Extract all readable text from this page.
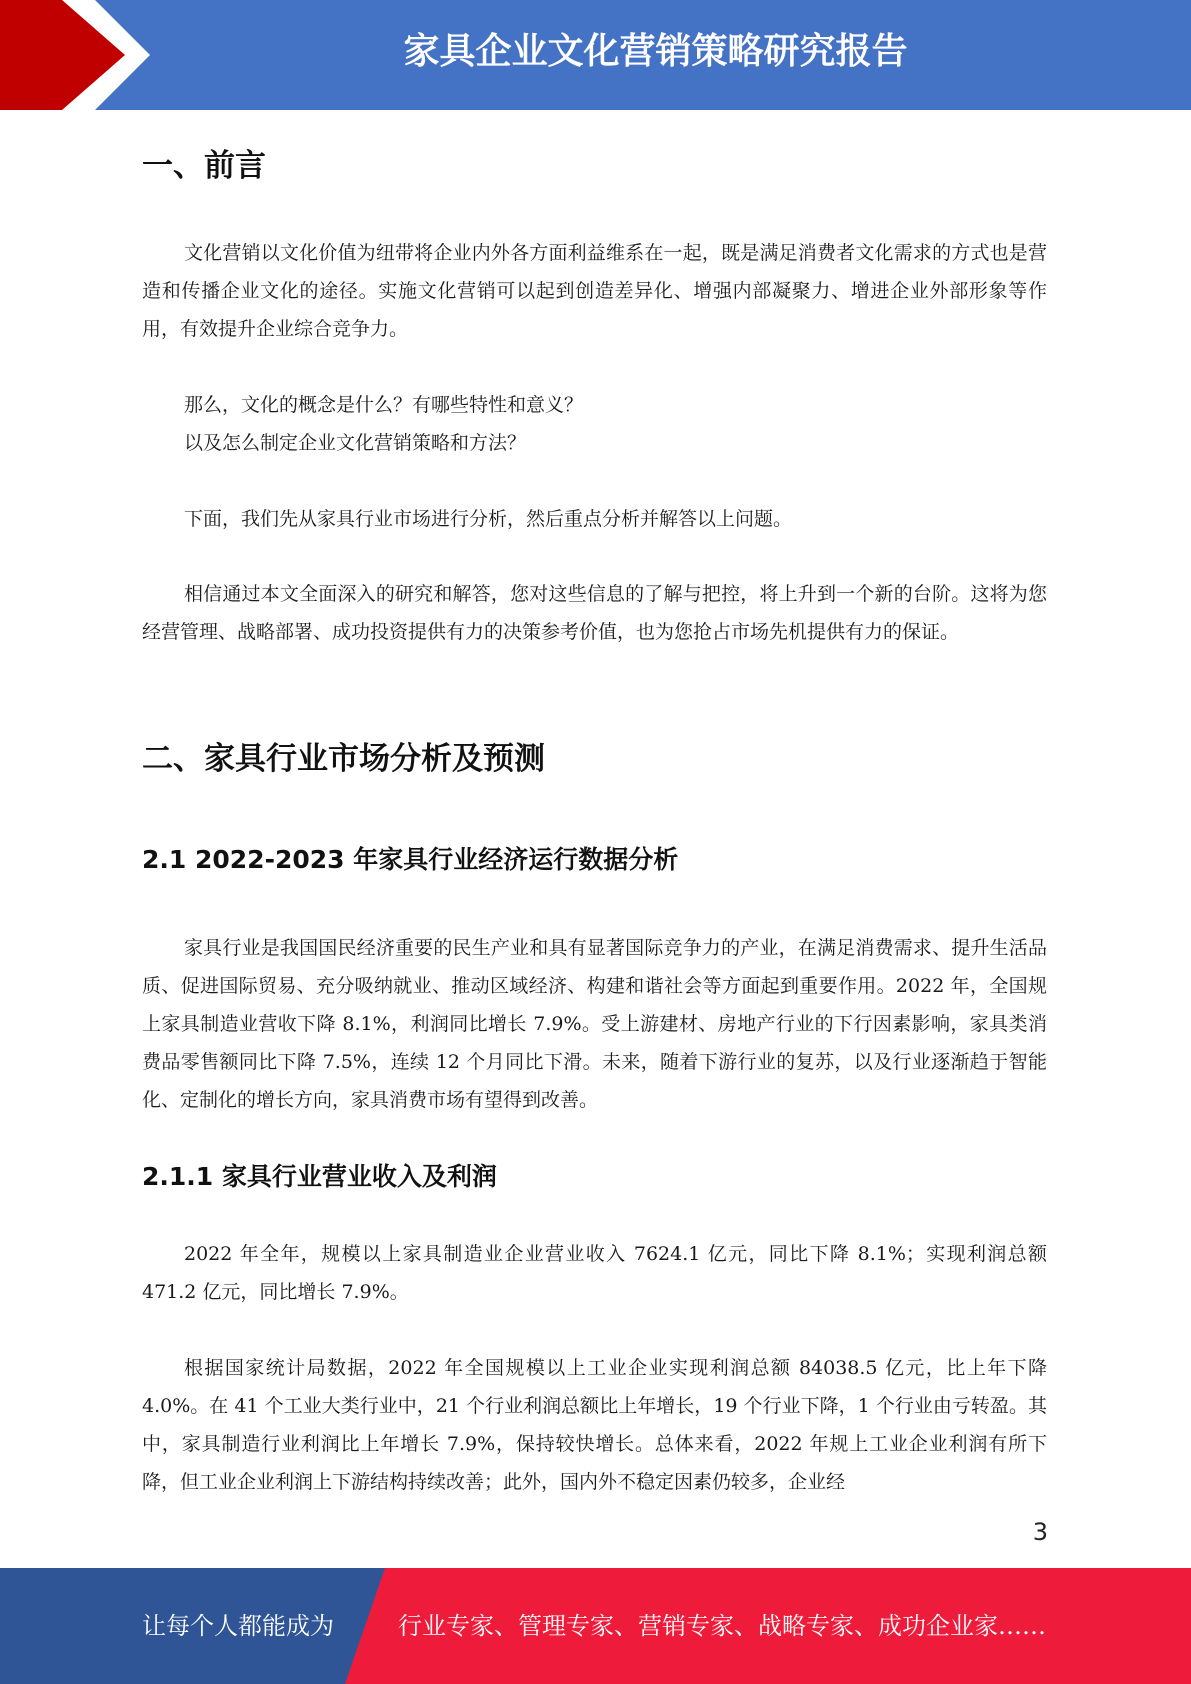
家具企业文化营销策略研究报告
一、前言
文化营销以文化价值为纽带将企业内外各方面利益维系在一起，既是满足消费者文化需求的方式也是营造和传播企业文化的途径。实施文化营销可以起到创造差异化、增强内部凝聚力、增进企业外部形象等作用，有效提升企业综合竞争力。
那么，文化的概念是什么？有哪些特性和意义？
以及怎么制定企业文化营销策略和方法？
下面，我们先从家具行业市场进行分析，然后重点分析并解答以上问题。
相信通过本文全面深入的研究和解答，您对这些信息的了解与把控，将上升到一个新的台阶。这将为您经营管理、战略部署、成功投资提供有力的决策参考价值，也为您抢占市场先机提供有力的保证。
二、家具行业市场分析及预测
2.1 2022-2023 年家具行业经济运行数据分析
家具行业是我国国民经济重要的民生产业和具有显著国际竞争力的产业，在满足消费需求、提升生活品质、促进国际贸易、充分吸纳就业、推动区域经济、构建和谐社会等方面起到重要作用。2022 年，全国规上家具制造业营收下降 8.1%，利润同比增长 7.9%。受上游建材、房地产行业的下行因素影响，家具类消费品零售额同比下降 7.5%，连续 12 个月同比下滑。未来，随着下游行业的复苏，以及行业逐渐趋于智能化、定制化的增长方向，家具消费市场有望得到改善。
2.1.1 家具行业营业收入及利润
2022 年全年，规模以上家具制造业企业营业收入 7624.1 亿元，同比下降 8.1%；实现利润总额 471.2 亿元，同比增长 7.9%。
根据国家统计局数据，2022 年全国规模以上工业企业实现利润总额 84038.5 亿元，比上年下降 4.0%。在 41 个工业大类行业中，21 个行业利润总额比上年增长，19 个行业下降，1 个行业由亏转盈。其中，家具制造行业利润比上年增长 7.9%，保持较快增长。总体来看，2022 年规上工业企业利润有所下降，但工业企业利润上下游结构持续改善；此外，国内外不稳定因素仍较多，企业经
3
让每个人都能成为	行业专家、管理专家、营销专家、战略专家、成功企业家……
